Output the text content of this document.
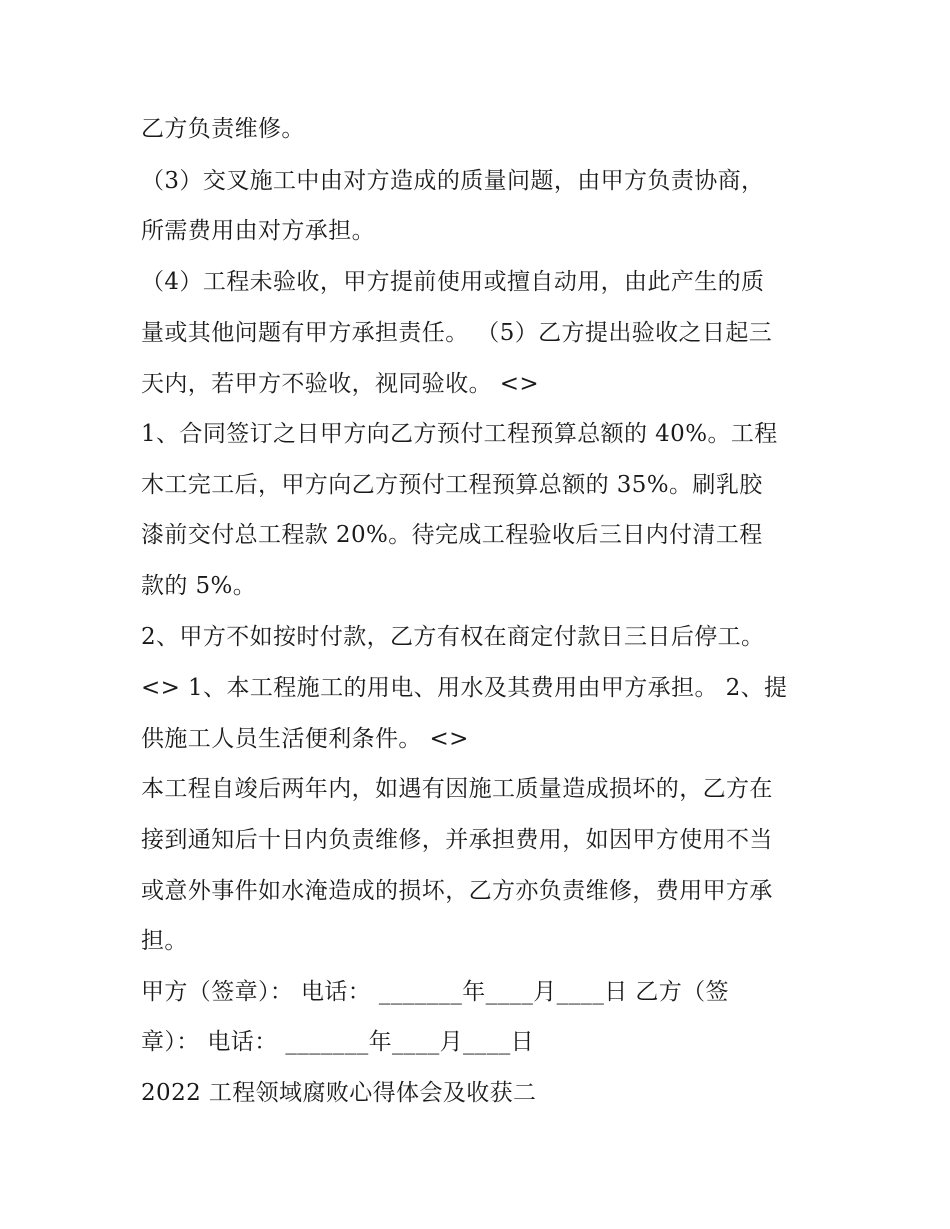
乙方负责维修。
（3）交叉施工中由对方造成的质量问题，由甲方负责协商，
所需费用由对方承担。
（4）工程未验收，甲方提前使用或擅自动用，由此产生的质
量或其他问题有甲方承担责任。 （5）乙方提出验收之日起三
天内，若甲方不验收，视同验收。 <>
1、合同签订之日甲方向乙方预付工程预算总额的 40%。工程
木工完工后，甲方向乙方预付工程预算总额的 35%。刷乳胶
漆前交付总工程款 20%。待完成工程验收后三日内付清工程
款的 5%。
2、甲方不如按时付款，乙方有权在商定付款日三日后停工。
<> 1、本工程施工的用电、用水及其费用由甲方承担。 2、提
供施工人员生活便利条件。 <>
本工程自竣后两年内，如遇有因施工质量造成损坏的，乙方在
接到通知后十日内负责维修，并承担费用，如因甲方使用不当
或意外事件如水淹造成的损坏，乙方亦负责维修，费用甲方承
担。
甲方（签章）： 电话： _______年____月____日 乙方（签
章）： 电话： _______年____月____日
2022 工程领域腐败心得体会及收获二
